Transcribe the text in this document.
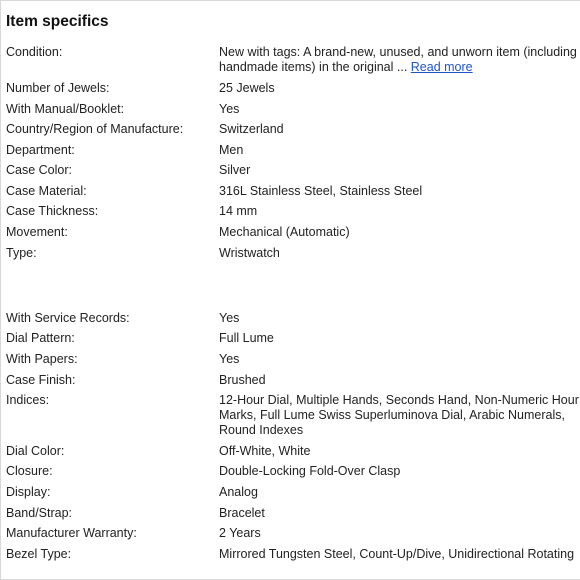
Item specifics
Condition:	New with tags: A brand-new, unused, and unworn item (including
handmade items) in the original ... Read more
Number of Jewels:	25 Jewels
With Manual/Booklet:	Yes
Country/Region of Manufacture:	Switzerland
Department:	Men
Case Color:	Silver
Case Material:	316L Stainless Steel, Stainless Steel
Case Thickness:	14 mm
Movement:	Mechanical (Automatic)
Type:	Wristwatch
With Service Records:	Yes
Dial Pattern:	Full Lume
With Papers:	Yes
Case Finish:	Brushed
Indices:	12-Hour Dial, Multiple Hands, Seconds Hand, Non-Numeric Hour
Marks, Full Lume Swiss Superluminova Dial, Arabic Numerals,
Round Indexes
Dial Color:	Off-White, White
Closure:	Double-Locking Fold-Over Clasp
Display:	Analog
Band/Strap:	Bracelet
Manufacturer Warranty:	2 Years
Bezel Type:	Mirrored Tungsten Steel, Count-Up/Dive, Unidirectional Rotating
